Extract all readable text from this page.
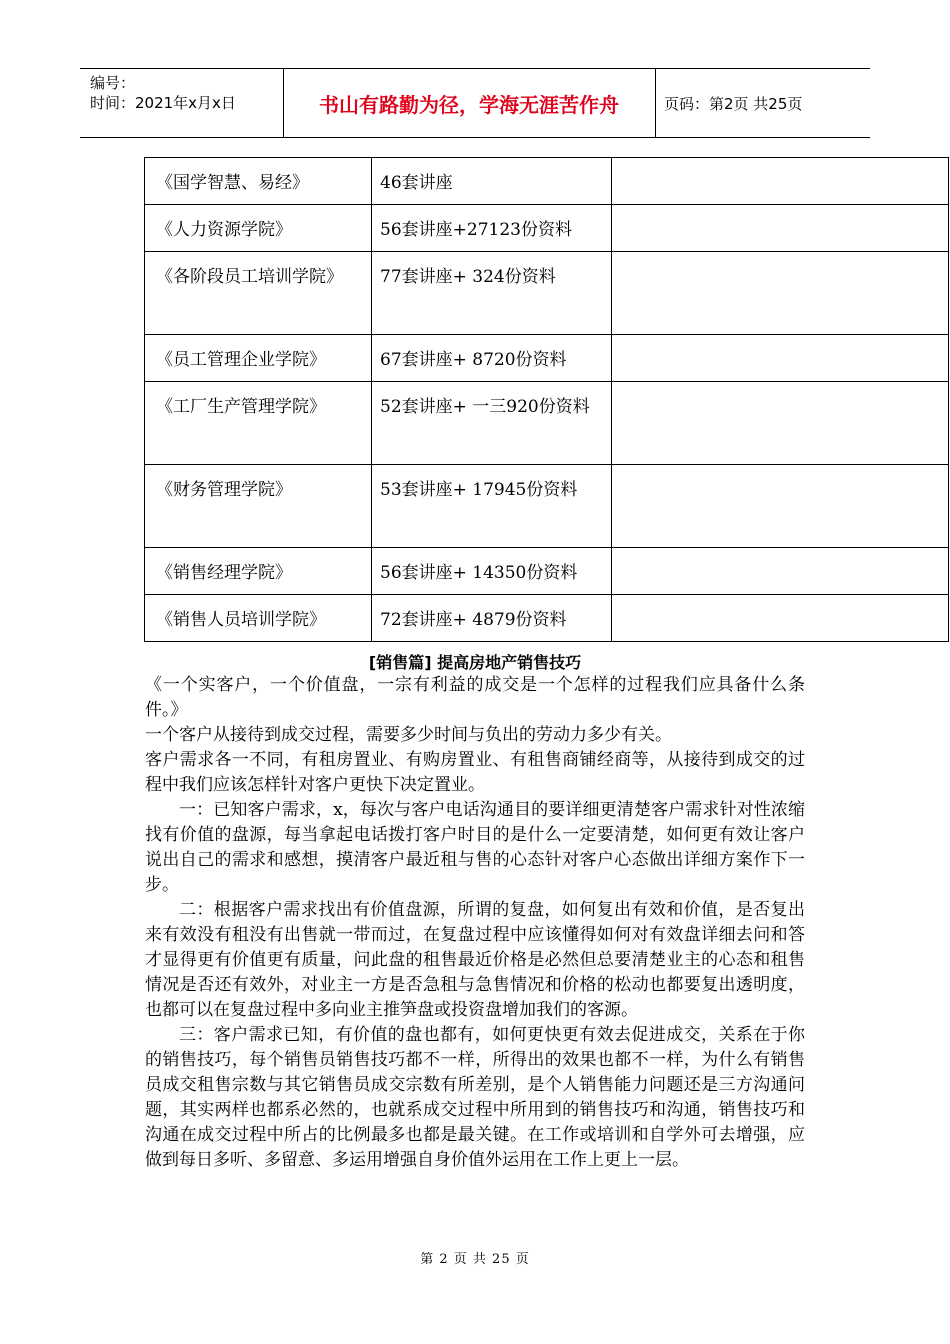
编号：
时间：2021年x月x日	书山有路勤为径，学海无涯苦作舟	页码：第2页 共25页
《国学智慧、易经》	46套讲座	
《人力资源学院》	56套讲座+27123份资料	
《各阶段员工培训学院》	77套讲座+ 324份资料	
《员工管理企业学院》	67套讲座+ 8720份资料	
《工厂生产管理学院》	52套讲座+ 一三920份资料	
《财务管理学院》	53套讲座+ 17945份资料	
《销售经理学院》	56套讲座+ 14350份资料	
《销售人员培训学院》	72套讲座+ 4879份资料	
[销售篇] 提高房地产销售技巧

《一个实客户，一个价值盘，一宗有利益的成交是一个怎样的过程我们应具备什么条件。》

一个客户从接待到成交过程，需要多少时间与负出的劳动力多少有关。

客户需求各一不同，有租房置业、有购房置业、有租售商铺经商等，从接待到成交的过程中我们应该怎样针对客户更快下决定置业。

一：已知客户需求，x，每次与客户电话沟通目的要详细更清楚客户需求针对性浓缩找有价值的盘源，每当拿起电话拨打客户时目的是什么一定要清楚，如何更有效让客户说出自己的需求和感想，摸清客户最近租与售的心态针对客户心态做出详细方案作下一步。

二：根据客户需求找出有价值盘源，所谓的复盘，如何复出有效和价值，是否复出来有效没有租没有出售就一带而过，在复盘过程中应该懂得如何对有效盘详细去问和答才显得更有价值更有质量，问此盘的租售最近价格是必然但总要清楚业主的心态和租售情况是否还有效外，对业主一方是否急租与急售情况和价格的松动也都要复出透明度，也都可以在复盘过程中多向业主推笋盘或投资盘增加我们的客源。

三：客户需求已知，有价值的盘也都有，如何更快更有效去促进成交，关系在于你的销售技巧，每个销售员销售技巧都不一样，所得出的效果也都不一样，为什么有销售员成交租售宗数与其它销售员成交宗数有所差别，是个人销售能力问题还是三方沟通问题，其实两样也都系必然的，也就系成交过程中所用到的销售技巧和沟通，销售技巧和沟通在成交过程中所占的比例最多也都是最关键。在工作或培训和自学外可去增强，应做到每日多听、多留意、多运用增强自身价值外运用在工作上更上一层。

第 2 页 共 25 页
